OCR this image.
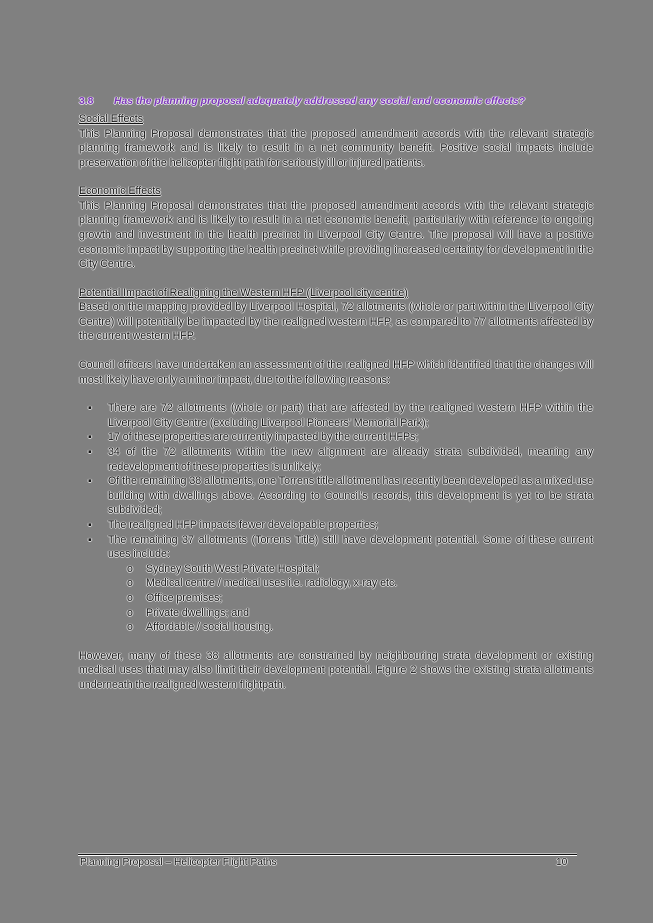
3.8 Has the planning proposal adequately addressed any social and economic effects?
Social Effects

This Planning Proposal demonstrates that the proposed amendment accords with the relevant strategic planning framework and is likely to result in a net community benefit. Positive social impacts include preservation of the helicopter flight path for seriously ill or injured patients.

Economic Effects

This Planning Proposal demonstrates that the proposed amendment accords with the relevant strategic planning framework and is likely to result in a net economic benefit, particularly with reference to ongoing growth and investment in the health precinct in Liverpool City Centre. The proposal will have a positive economic impact by supporting the health precinct while providing increased certainty for development in the City Centre.

Potential Impact of Realigning the Western HFP (Liverpool city centre)

Based on the mapping provided by Liverpool Hospital, 72 allotments (whole or part within the Liverpool City Centre) will potentially be impacted by the realigned western HFP, as compared to 77 allotments affected by the current western HFP.

Council officers have undertaken an assessment of the realigned HFP which identified that the changes will most likely have only a minor impact, due to the following reasons:

▪	There are 72 allotments (whole or part) that are affected by the realigned western HFP within the Liverpool City Centre (excluding Liverpool Pioneers' Memorial Park);
▪	17 of these properties are currently impacted by the current HFPs;
▪	34 of the 72 allotments within the new alignment are already strata subdivided, meaning any redevelopment of these properties is unlikely;
▪	Of the remaining 38 allotments, one Torrens title allotment has recently been developed as a mixed-use building with dwellings above. According to Council's records, this development is yet to be strata subdivided;
▪	The realigned HFP impacts fewer developable properties;
▪	The remaining 37 allotments (Torrens Title) still have development potential. Some of these current uses include:
o	Sydney South West Private Hospital;
o	Medical centre / medical uses i.e. radiology, x-ray etc.
o	Office premises;
o	Private dwellings; and
o	Affordable / social housing.

However, many of these 38 allotments are constrained by neighbouring strata development or existing medical uses that may also limit their development potential. Figure 2 shows the existing strata allotments underneath the realigned western flightpath.

Planning Proposal – Helicopter Flight Paths	10
